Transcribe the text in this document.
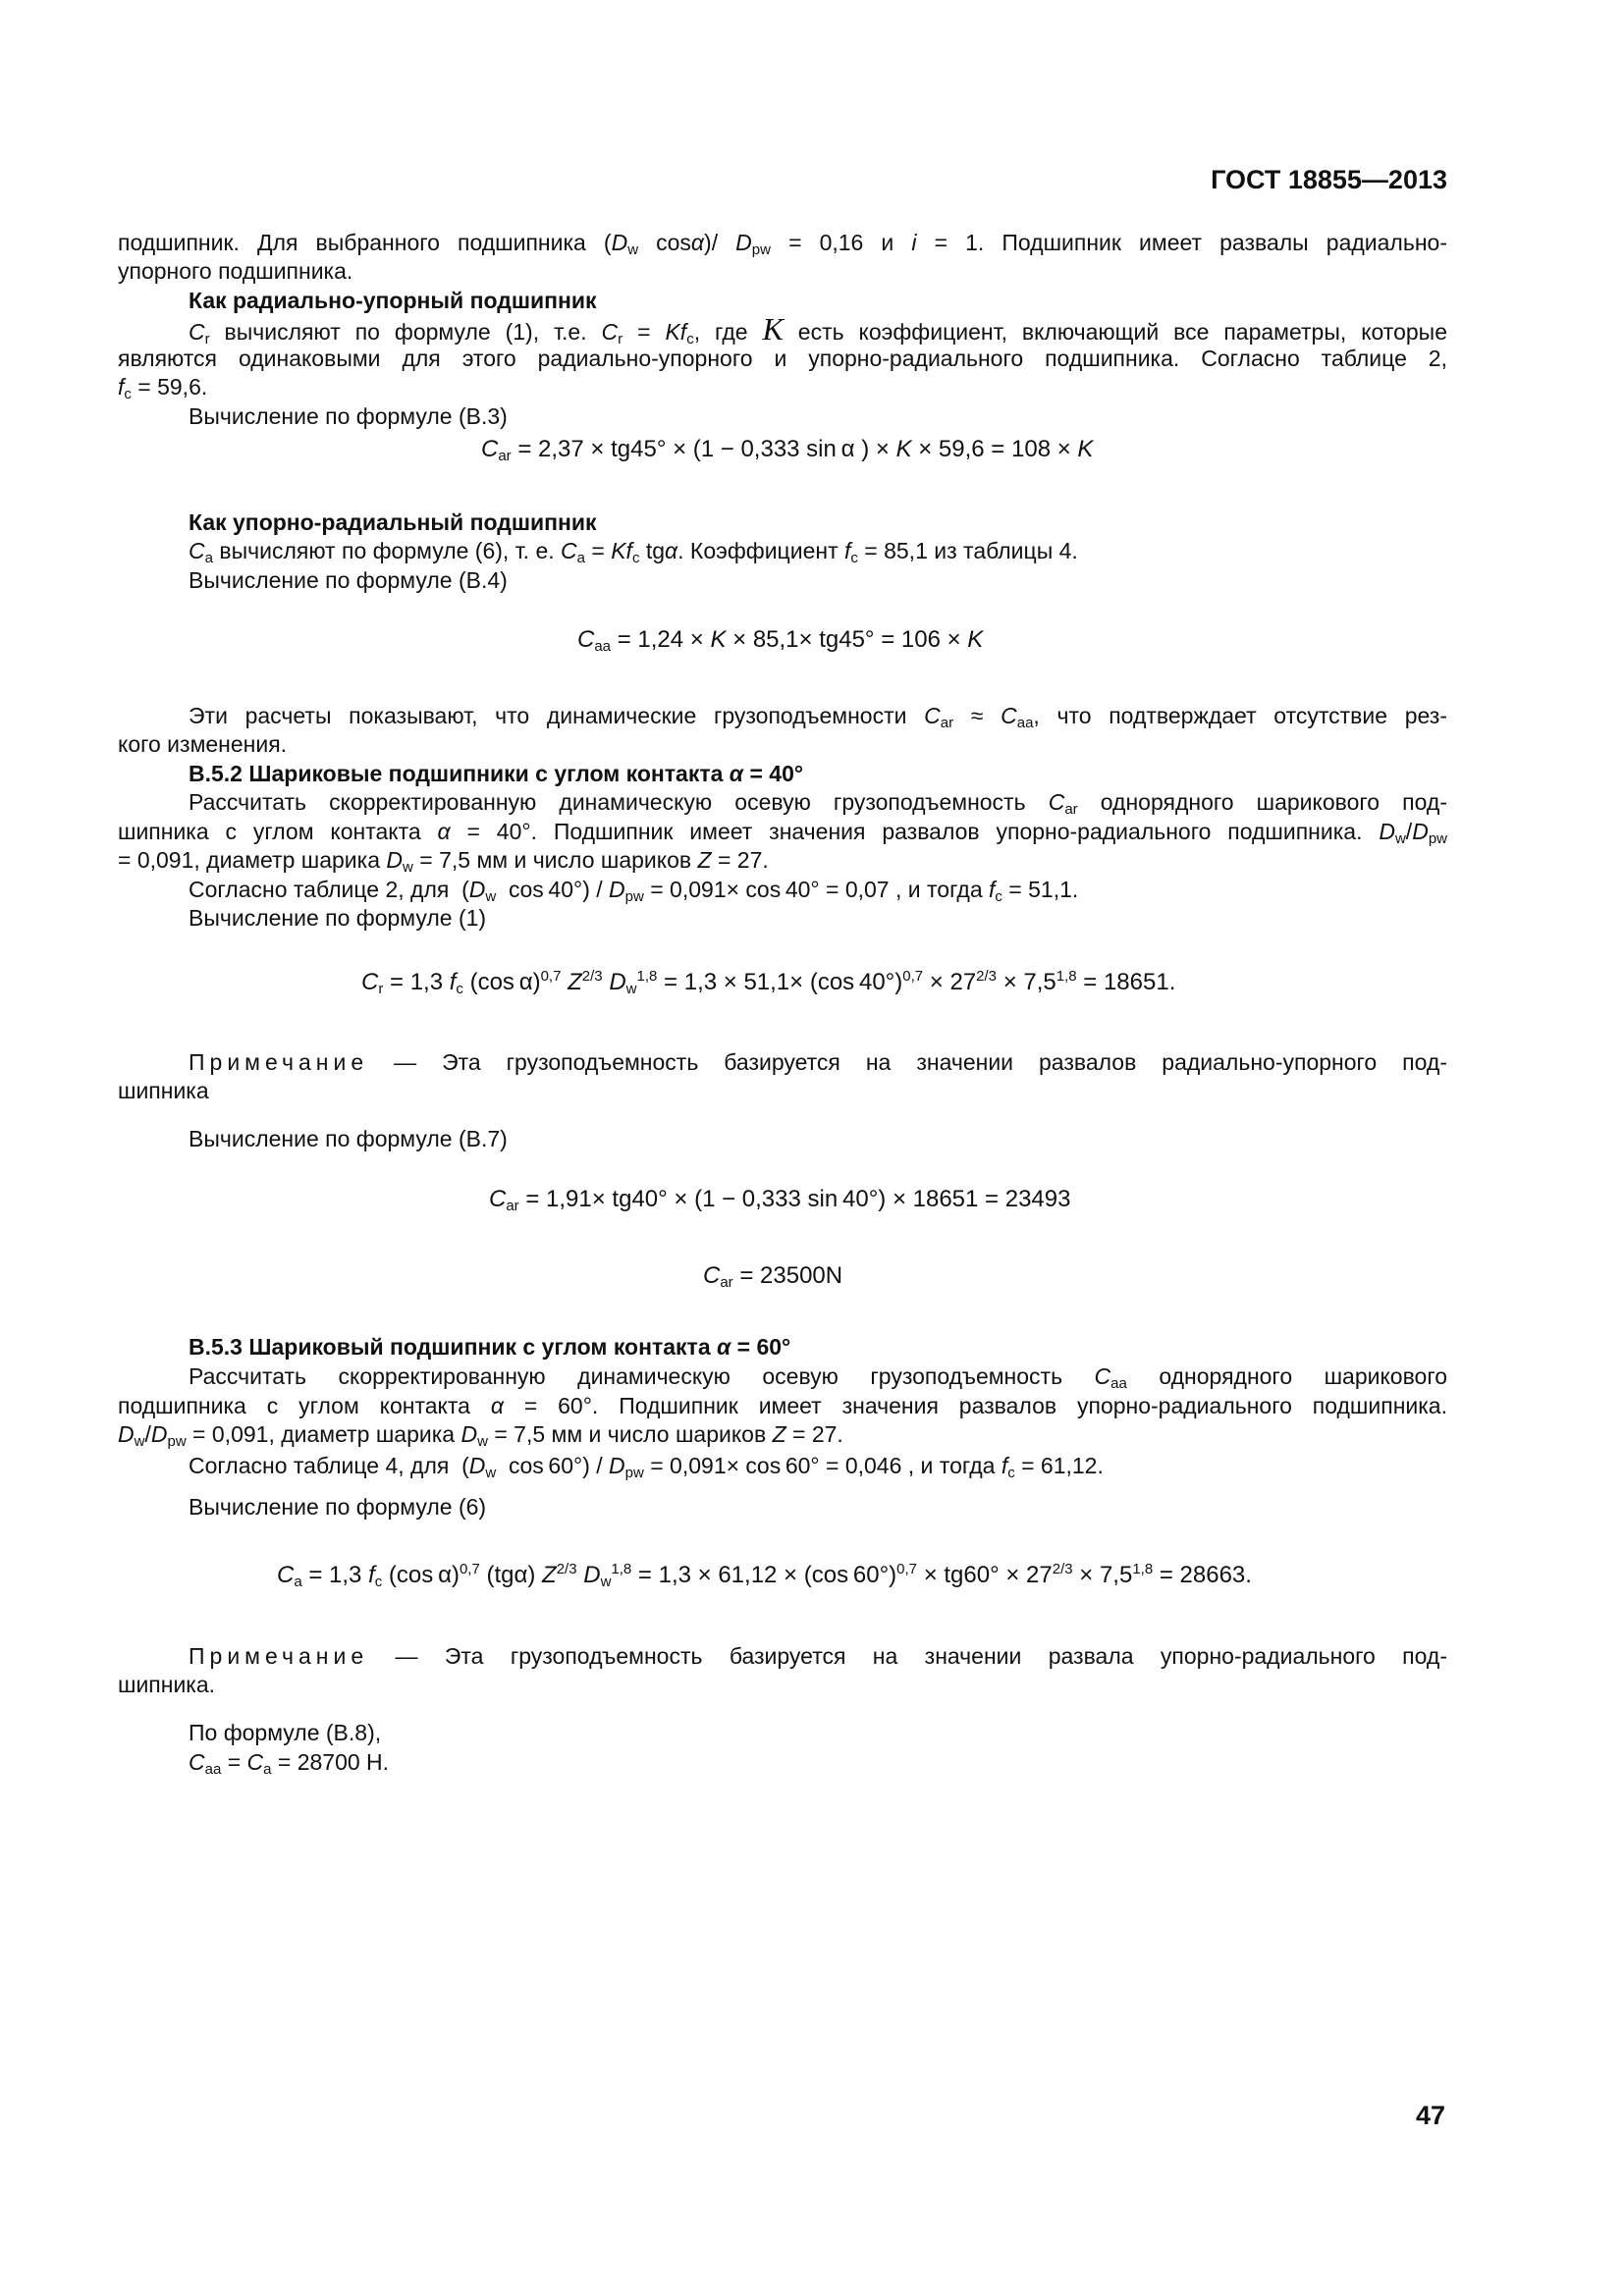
ГОСТ 18855—2013
подшипник. Для выбранного подшипника ($D_w$ cosα)/ $D_{pw} = 0,16$ и i = 1. Подшипник имеет развалы радиально-
упорного подшипника.
Как радиально-упорный подшипник
$C_r$ вычисляют по формуле (1), т.е. $C_r = Kf_c$, где K есть коэффициент, включающий все параметры, которые
являются одинаковыми для этого радиально-упорного и упорно-радиального подшипника. Согласно таблице 2,
$f_c = 59,6$.
Вычисление по формуле (В.3)
$C_{ar} = 2,37 \times tg45^\circ \times (1 - 0,333$ sin α ) × K × 59,6 = 108 × K
Как упорно-радиальный подшипник
$C_a$ вычисляют по формуле (6), т. е. $C_a = Kf_c$ tgα. Коэффициент $f_c = 85,1$ из таблицы 4.
Вычисление по формуле (В.4)
$C_{aa} = 1,24 \times K \times 85,1\times tg45^\circ = 106 \times K$
Эти расчеты показывают, что динамические грузоподъемности $C_{ar} \approx C_{aa}$, что подтверждает отсутствие рез-
кого изменения.
В.5.2 Шариковые подшипники с углом контакта α = 40°
Рассчитать скорректированную динамическую осевую грузоподъемность $C_{ar}$ однорядного шарикового под-
шипника с углом контакта α = 40°. Подшипник имеет значения развалов упорно-радиального подшипника. $D_w/D_{pw}$
= 0,091, диаметр шарика $D_w = 7,5$ мм и число шариков Z = 27.
Согласно таблице 2, для  ($D_w$  $\cos 40^\circ) / D_{pw} = 0,091\times \cos 40^\circ = 0,07$ , и тогда $f_c = 51,1$.
Вычисление по формуле (1)
$C_r = 1,3$ $f_c$ (cos α)$^{0,7}$ $Z^{2/3}$ $D_w^{1,8} = 1,3 \times 51,1\times (\cos$ $40^\circ)^{0,7} \times 27^{2/3} \times 7,5^{1,8} = 18651$.
Примечание — Эта грузоподъемность базируется на значении развалов радиально-упорного под-
шипника
Вычисление по формуле (В.7)
$C_{ar} = 1,91\times tg40^\circ \times (1 - 0,333$ sin 40°) × 18651 = 23493
$C_{ar} = 23500N$
В.5.3 Шариковый подшипник с углом контакта α = 60°
Рассчитать скорректированную динамическую осевую грузоподъемность $C_{aa}$ однорядного шарикового
подшипника с углом контакта α = 60°. Подшипник имеет значения развалов упорно-радиального подшипника.
$D_w/D_{pw} = 0,091$, диаметр шарика $D_w = 7,5$ мм и число шариков Z = 27.
Согласно таблице 4, для  ($D_w$  $\cos 60^\circ) / D_{pw} = 0,091\times \cos 60^\circ = 0,046$ , и тогда $f_c = 61,12$.
Вычисление по формуле (6)
$C_a = 1,3$ $f_c$ (cos α)$^{0,7}$ (tgα) $Z^{2/3}$ $D_w^{1,8} = 1,3 \times 61,12 \times (\cos$ $60^\circ)^{0,7} \times tg60^\circ \times 27^{2/3} \times 7,5^{1,8} = 28663$.
Примечание — Эта грузоподъемность базируется на значении развала упорно-радиального под-
шипника.
По формуле (В.8),
$C_{aa} = C_a = 28700$ Н.
47
